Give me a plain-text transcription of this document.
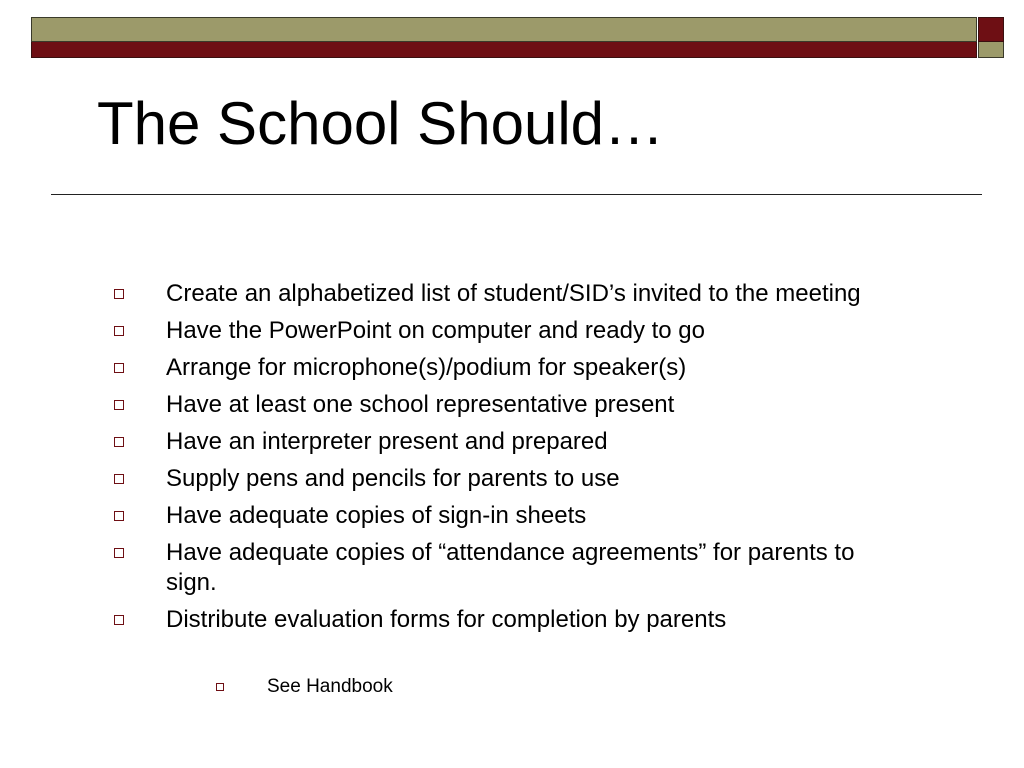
The School Should…
Create an alphabetized list of student/SID’s invited to the meeting
Have the PowerPoint on computer and ready to go
Arrange for microphone(s)/podium for speaker(s)
Have at least one school representative present
Have an interpreter present and prepared
Supply pens and pencils for parents to use
Have adequate copies of sign-in sheets
Have adequate copies of “attendance agreements” for parents to sign.
Distribute evaluation forms for completion by parents
See Handbook
